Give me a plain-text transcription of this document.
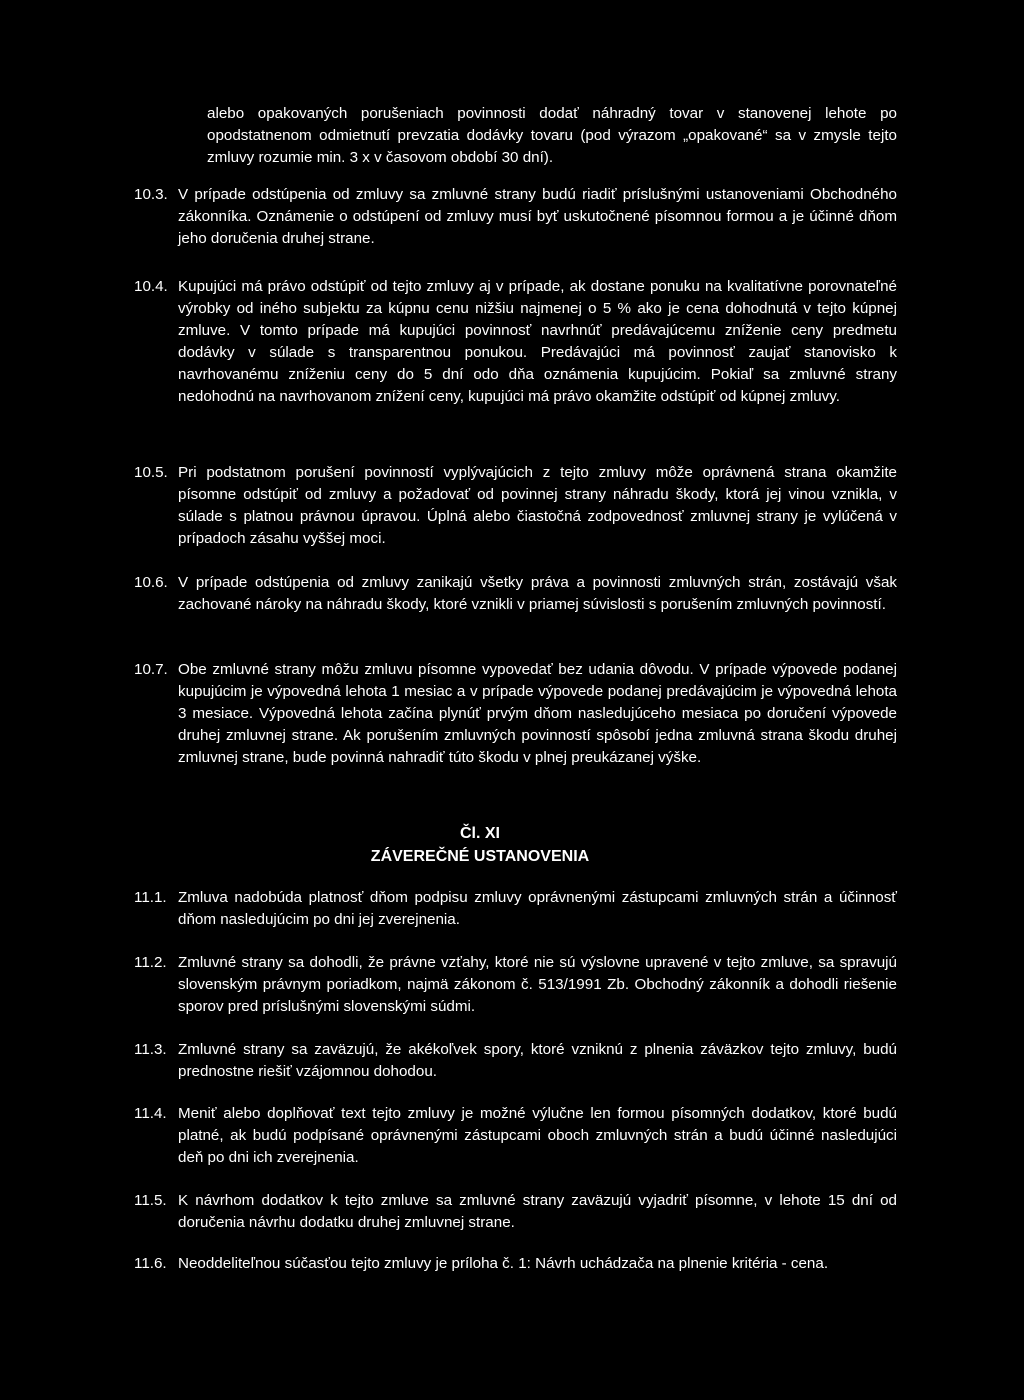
alebo opakovaných porušeniach povinnosti dodať náhradný tovar v stanovenej lehote po opodstatnenom odmietnutí prevzatia dodávky tovaru (pod výrazom „opakované“ sa v zmysle tejto zmluvy rozumie min. 3 x v časovom období 30 dní).
10.3. V prípade odstúpenia od zmluvy sa zmluvné strany budú riadiť príslušnými ustanoveniami Obchodného zákonníka. Oznámenie o odstúpení od zmluvy musí byť uskutočnené písomnou formou a je účinné dňom jeho doručenia druhej strane.
10.4. Kupujúci má právo odstúpiť od tejto zmluvy aj v prípade, ak dostane ponuku na kvalitatívne porovnateľné výrobky od iného subjektu za kúpnu cenu nižšiu najmenej o 5 % ako je cena dohodnutá v tejto kúpnej zmluve. V tomto prípade má kupujúci povinnosť navrhnúť predávajúcemu zníženie ceny predmetu dodávky v súlade s transparentnou ponukou. Predávajúci má povinnosť zaujať stanovisko k navrhovanému zníženiu ceny do 5 dní odo dňa oznámenia kupujúcim. Pokiaľ sa zmluvné strany nedohodnú na navrhovanom znížení ceny, kupujúci má právo okamžite odstúpiť od kúpnej zmluvy.
10.5. Pri podstatnom porušení povinností vyplývajúcich z tejto zmluvy môže oprávnená strana okamžite písomne odstúpiť od zmluvy a požadovať od povinnej strany náhradu škody, ktorá jej vinou vznikla, v súlade s platnou právnou úpravou. Úplná alebo čiastočná zodpovednosť zmluvnej strany je vylúčená v prípadoch zásahu vyššej moci.
10.6. V prípade odstúpenia od zmluvy zanikajú všetky práva a povinnosti zmluvných strán, zostávajú však zachované nároky na náhradu škody, ktoré vznikli v priamej súvislosti s porušením zmluvných povinností.
10.7. Obe zmluvné strany môžu zmluvu písomne vypovedať bez udania dôvodu. V prípade výpovede podanej kupujúcim je výpovedná lehota 1 mesiac a v prípade výpovede podanej predávajúcim je výpovedná lehota 3 mesiace. Výpovedná lehota začína plynúť prvým dňom nasledujúceho mesiaca po doručení výpovede druhej zmluvnej strane. Ak porušením zmluvných povinností spôsobí jedna zmluvná strana škodu druhej zmluvnej strane, bude povinná nahradiť túto škodu v plnej preukázanej výške.
Čl. XI
ZÁVEREČNÉ USTANOVENIA
11.1. Zmluva nadobúda platnosť dňom podpisu zmluvy oprávnenými zástupcami zmluvných strán a účinnosť dňom nasledujúcim po dni jej zverejnenia.
11.2. Zmluvné strany sa dohodli, že právne vzťahy, ktoré nie sú výslovne upravené v tejto zmluve, sa spravujú slovenským právnym poriadkom, najmä zákonom č. 513/1991 Zb. Obchodný zákonník a dohodli riešenie sporov pred príslušnými slovenskými súdmi.
11.3. Zmluvné strany sa zaväzujú, že akékoľvek spory, ktoré vzniknú z plnenia záväzkov tejto zmluvy, budú prednostne riešiť vzájomnou dohodou.
11.4. Meniť alebo doplňovať text tejto zmluvy je možné výlučne len formou písomných dodatkov, ktoré budú platné, ak budú podpísané oprávnenými zástupcami oboch zmluvných strán a budú účinné nasledujúci deň po dni ich zverejnenia.
11.5. K návrhom dodatkov k tejto zmluve sa zmluvné strany zaväzujú vyjadriť písomne, v lehote 15 dní od doručenia návrhu dodatku druhej zmluvnej strane.
11.6. Neoddeliteľnou súčasťou tejto zmluvy je príloha č. 1: Návrh uchádzača na plnenie kritéria - cena.
